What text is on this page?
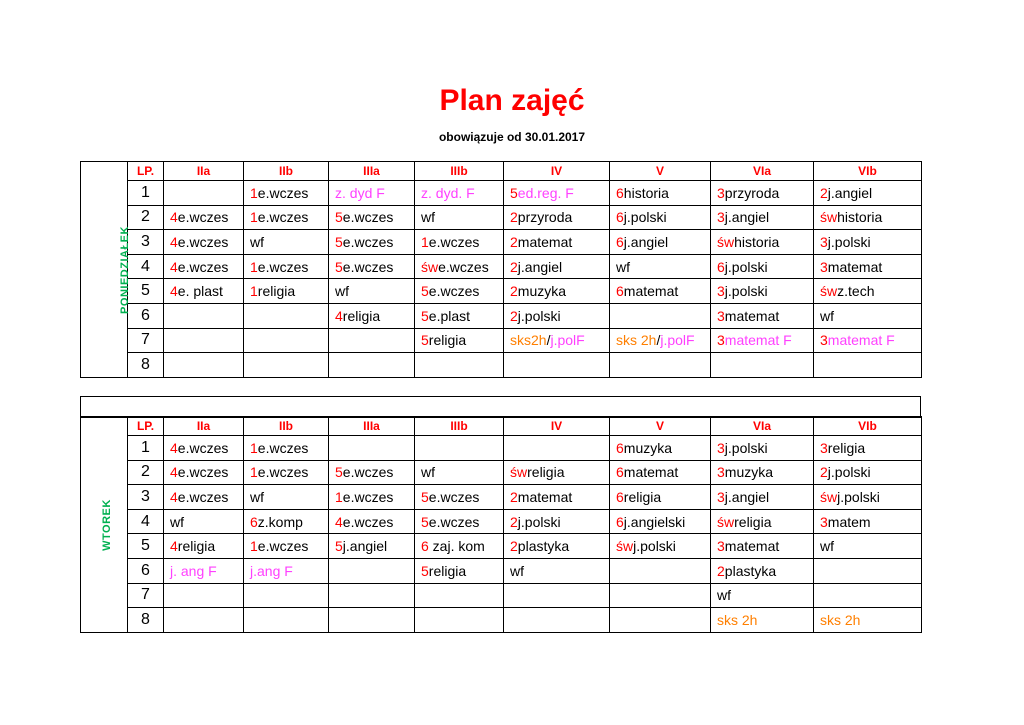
Plan zajęć
obowiązuje od 30.01.2017
PONIEDZIAŁEK	LP.	IIa	IIb	IIIa	IIIb	IV	V	VIa	VIb
	1		1e.wczes	z. dyd F	z. dyd. F	5ed.reg. F	6historia	3przyroda	2j.angiel
	2	4e.wczes	1e.wczes	5e.wczes	wf	2przyroda	6j.polski	3j.angiel	śwhistoria
	3	4e.wczes	wf	5e.wczes	1e.wczes	2matemat	6j.angiel	śwhistoria	3j.polski
	4	4e.wczes	1e.wczes	5e.wczes	śwe.wczes	2j.angiel	wf	6j.polski	3matemat
	5	4e. plast	1religia	wf	5e.wczes	2muzyka	6matemat	3j.polski	śwz.tech
	6			4religia	5e.plast	2j.polski		3matemat	wf
	7				5religia	sks2h/j.polF	sks 2h/j.polF	3matemat F	3matemat F
	8								
WTOREK	LP.	IIa	IIb	IIIa	IIIb	IV	V	VIa	VIb
	1	4e.wczes	1e.wczes				6muzyka	3j.polski	3religia
	2	4e.wczes	1e.wczes	5e.wczes	wf	śwreligia	6matemat	3muzyka	2j.polski
	3	4e.wczes	wf	1e.wczes	5e.wczes	2matemat	6religia	3j.angiel	śwj.polski
	4	wf	6z.komp	4e.wczes	5e.wczes	2j.polski	6j.angielski	śwreligia	3matem
	5	4religia	1e.wczes	5j.angiel	6 zaj. kom	2plastyka	śwj.polski	3matemat	wf
	6	j. ang F	j.ang F		5religia	wf		2plastyka	
	7							wf	
	8							sks 2h	sks 2h
